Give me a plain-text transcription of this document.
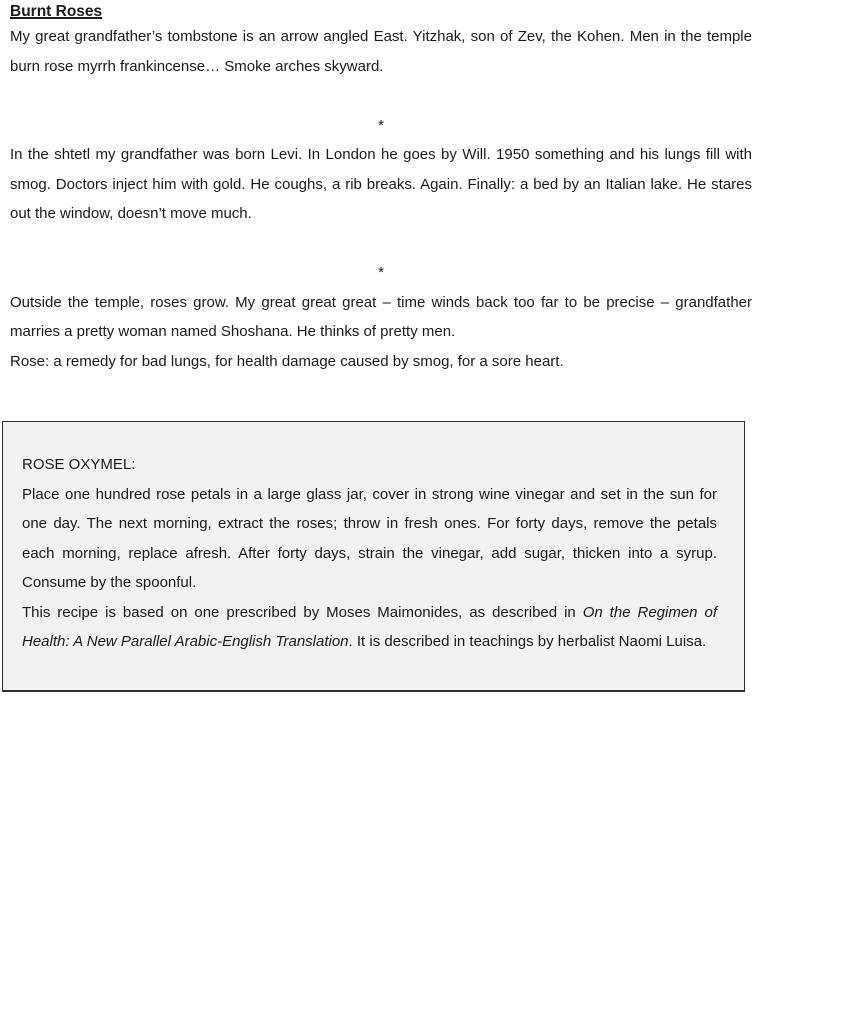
Burnt Roses

My great grandfather’s tombstone is an arrow angled East. Yitzhak, son of Zev, the Kohen. Men in the temple burn rose myrrh frankincense… Smoke arches skyward.

*

In the shtetl my grandfather was born Levi. In London he goes by Will. 1950 something and his lungs fill with smog. Doctors inject him with gold. He coughs, a rib breaks. Again. Finally: a bed by an Italian lake. He stares out the window, doesn’t move much.

*

Outside the temple, roses grow. My great great great – time winds back too far to be precise – grandfather marries a pretty woman named Shoshana. He thinks of pretty men.

Rose: a remedy for bad lungs, for health damage caused by smog, for a sore heart.

ROSE OXYMEL:

Place one hundred rose petals in a large glass jar, cover in strong wine vinegar and set in the sun for one day. The next morning, extract the roses; throw in fresh ones. For forty days, remove the petals each morning, replace afresh. After forty days, strain the vinegar, add sugar, thicken into a syrup. Consume by the spoonful.

This recipe is based on one prescribed by Moses Maimonides, as described in On the Regimen of Health: A New Parallel Arabic-English Translation. It is described in teachings by herbalist Naomi Luisa.
